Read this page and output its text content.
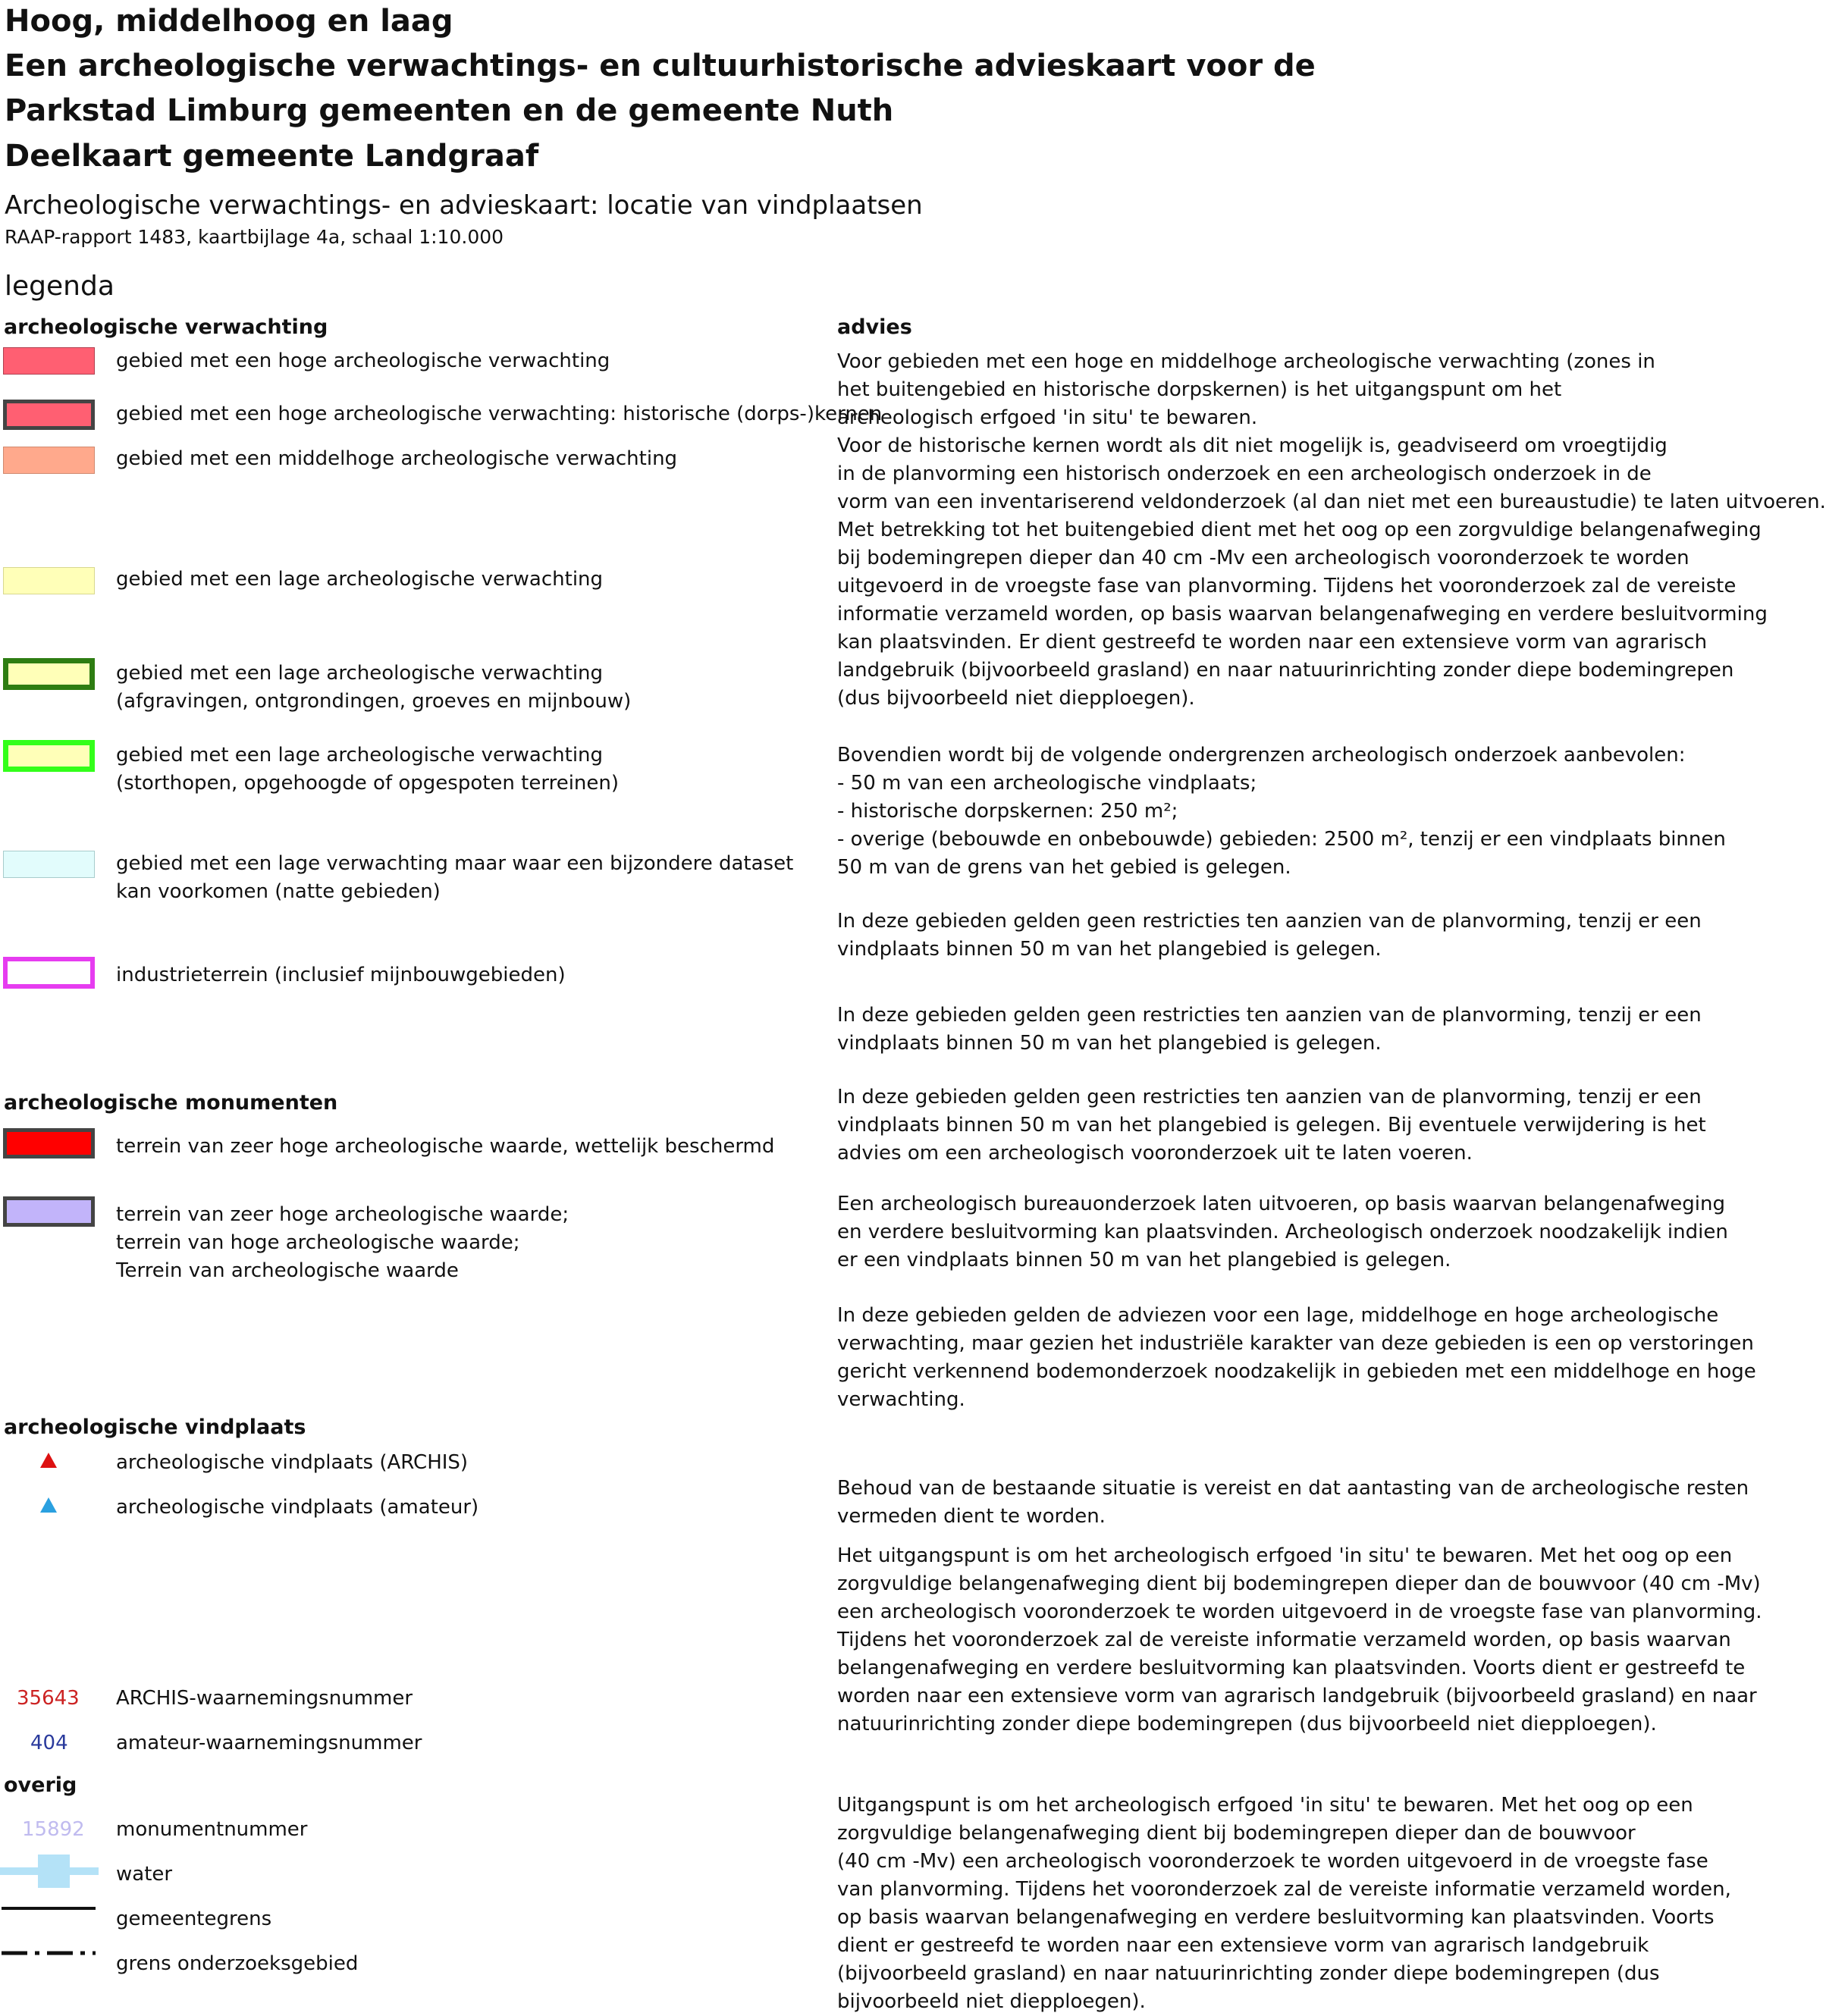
Hoog, middelhoog en laag
Een archeologische verwachtings- en cultuurhistorische advieskaart voor de
Parkstad Limburg gemeenten en de gemeente Nuth
Deelkaart gemeente Landgraaf
Archeologische verwachtings- en advieskaart: locatie van vindplaatsen
RAAP-rapport 1483, kaartbijlage 4a, schaal 1:10.000
legenda
archeologische verwachting	advies
archeologische monumenten
archeologische vindplaats
overig
35643
404
15892
gebied met een hoge archeologische verwachting
gebied met een hoge archeologische verwachting: historische (dorps-)kernen
gebied met een middelhoge archeologische verwachting
gebied met een lage archeologische verwachting
gebied met een lage archeologische verwachting
(afgravingen, ontgrondingen, groeves en mijnbouw)
gebied met een lage archeologische verwachting
(storthopen, opgehoogde of opgespoten terreinen)
gebied met een lage verwachting maar waar een bijzondere dataset
kan voorkomen (natte gebieden)
industrieterrein (inclusief mijnbouwgebieden)
terrein van zeer hoge archeologische waarde, wettelijk beschermd
terrein van zeer hoge archeologische waarde;
terrein van hoge archeologische waarde;
Terrein van archeologische waarde
archeologische vindplaats (ARCHIS)
archeologische vindplaats (amateur)
ARCHIS-waarnemingsnummer
amateur-waarnemingsnummer
monumentnummer
water
gemeentegrens
grens onderzoeksgebied
Voor gebieden met een hoge en middelhoge archeologische verwachting (zones in
het buitengebied en historische dorpskernen) is het uitgangspunt om het
archeologisch erfgoed 'in situ' te bewaren.
Voor de historische kernen wordt als dit niet mogelijk is, geadviseerd om vroegtijdig
in de planvorming een historisch onderzoek en een archeologisch onderzoek in de
vorm van een inventariserend veldonderzoek (al dan niet met een bureaustudie) te laten uitvoeren.
Met betrekking tot het buitengebied dient met het oog op een zorgvuldige belangenafweging
bij bodemingrepen dieper dan 40 cm -Mv een archeologisch vooronderzoek te worden
uitgevoerd in de vroegste fase van planvorming. Tijdens het vooronderzoek zal de vereiste
informatie verzameld worden, op basis waarvan belangenafweging en verdere besluitvorming
kan plaatsvinden. Er dient gestreefd te worden naar een extensieve vorm van agrarisch
landgebruik (bijvoorbeeld grasland) en naar natuurinrichting zonder diepe bodemingrepen
(dus bijvoorbeeld niet diepploegen).
Bovendien wordt bij de volgende ondergrenzen archeologisch onderzoek aanbevolen:
- 50 m van een archeologische vindplaats;
- historische dorpskernen: 250 m²;
- overige (bebouwde en onbebouwde) gebieden: 2500 m², tenzij er een vindplaats binnen
50 m van de grens van het gebied is gelegen.
In deze gebieden gelden geen restricties ten aanzien van de planvorming, tenzij er een
vindplaats binnen 50 m van het plangebied is gelegen.
In deze gebieden gelden geen restricties ten aanzien van de planvorming, tenzij er een
vindplaats binnen 50 m van het plangebied is gelegen.
In deze gebieden gelden geen restricties ten aanzien van de planvorming, tenzij er een
vindplaats binnen 50 m van het plangebied is gelegen. Bij eventuele verwijdering is het
advies om een archeologisch vooronderzoek uit te laten voeren.
Een archeologisch bureauonderzoek laten uitvoeren, op basis waarvan belangenafweging
en verdere besluitvorming kan plaatsvinden. Archeologisch onderzoek noodzakelijk indien
er een vindplaats binnen 50 m van het plangebied is gelegen.
In deze gebieden gelden de adviezen voor een lage, middelhoge en hoge archeologische
verwachting, maar gezien het industriële karakter van deze gebieden is een op verstoringen
gericht verkennend bodemonderzoek noodzakelijk in gebieden met een middelhoge en hoge
verwachting.
Behoud van de bestaande situatie is vereist en dat aantasting van de archeologische resten
vermeden dient te worden.
Het uitgangspunt is om het archeologisch erfgoed 'in situ' te bewaren. Met het oog op een
zorgvuldige belangenafweging dient bij bodemingrepen dieper dan de bouwvoor (40 cm -Mv)
een archeologisch vooronderzoek te worden uitgevoerd in de vroegste fase van planvorming.
Tijdens het vooronderzoek zal de vereiste informatie verzameld worden, op basis waarvan
belangenafweging en verdere besluitvorming kan plaatsvinden. Voorts dient er gestreefd te
worden naar een extensieve vorm van agrarisch landgebruik (bijvoorbeeld grasland) en naar
natuurinrichting zonder diepe bodemingrepen (dus bijvoorbeeld niet diepploegen).
Uitgangspunt is om het archeologisch erfgoed 'in situ' te bewaren. Met het oog op een
zorgvuldige belangenafweging dient bij bodemingrepen dieper dan de bouwvoor
(40 cm -Mv) een archeologisch vooronderzoek te worden uitgevoerd in de vroegste fase
van planvorming. Tijdens het vooronderzoek zal de vereiste informatie verzameld worden,
op basis waarvan belangenafweging en verdere besluitvorming kan plaatsvinden. Voorts
dient er gestreefd te worden naar een extensieve vorm van agrarisch landgebruik
(bijvoorbeeld grasland) en naar natuurinrichting zonder diepe bodemingrepen (dus
bijvoorbeeld niet diepploegen).
